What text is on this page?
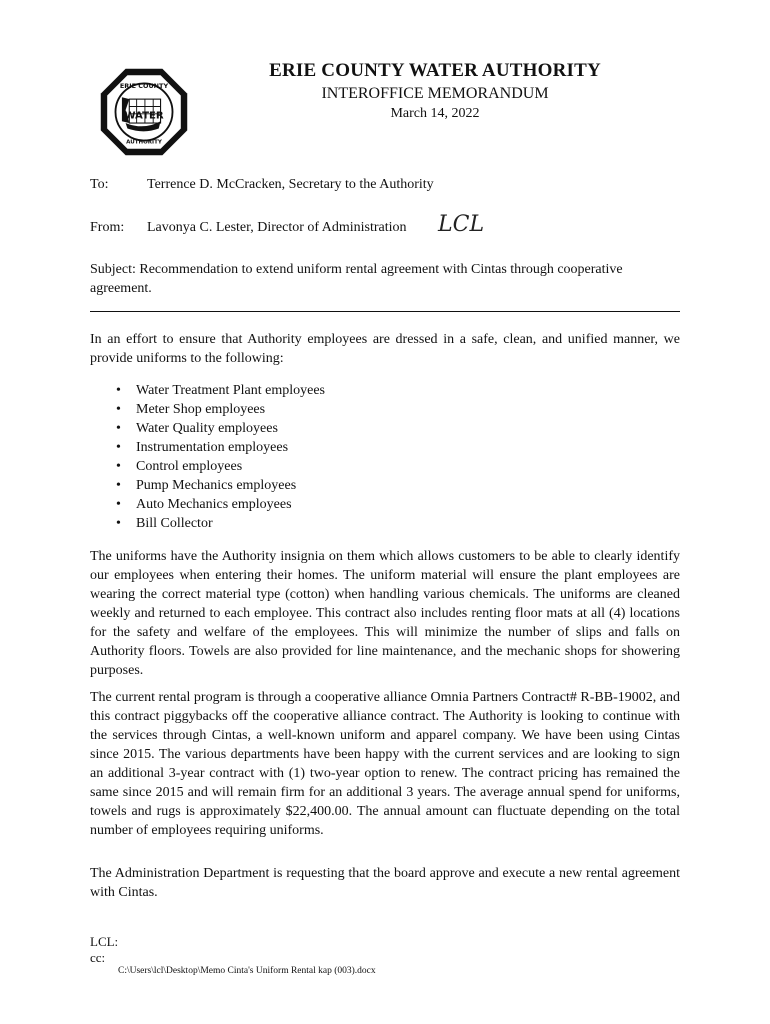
WATER
ERIE COUNTY
AUTHORITY
ERIE COUNTY WATER AUTHORITY
INTEROFFICE MEMORANDUM
March 14, 2022
To:	Terrence D. McCracken, Secretary to the Authority
From: Lavonya C. Lester, Director of Administration LCL
Subject: Recommendation to extend uniform rental agreement with Cintas through cooperative agreement.
In an effort to ensure that Authority employees are dressed in a safe, clean, and unified manner, we provide uniforms to the following:
• Water Treatment Plant employees
• Meter Shop employees
• Water Quality employees
• Instrumentation employees
• Control employees
• Pump Mechanics employees
• Auto Mechanics employees
• Bill Collector
The uniforms have the Authority insignia on them which allows customers to be able to clearly identify our employees when entering their homes. The uniform material will ensure the plant employees are wearing the correct material type (cotton) when handling various chemicals. The uniforms are cleaned weekly and returned to each employee. This contract also includes renting floor mats at all (4) locations for the safety and welfare of the employees. This will minimize the number of slips and falls on Authority floors. Towels are also provided for line maintenance, and the mechanic shops for showering purposes.
The current rental program is through a cooperative alliance Omnia Partners Contract# R-BB-19002, and this contract piggybacks off the cooperative alliance contract. The Authority is looking to continue with the services through Cintas, a well-known uniform and apparel company. We have been using Cintas since 2015. The various departments have been happy with the current services and are looking to sign an additional 3-year contract with (1) two-year option to renew. The contract pricing has remained the same since 2015 and will remain firm for an additional 3 years. The average annual spend for uniforms, towels and rugs is approximately $22,400.00. The annual amount can fluctuate depending on the total number of employees requiring uniforms.
The Administration Department is requesting that the board approve and execute a new rental agreement with Cintas.
LCL:
cc:
C:\Users\lcl\Desktop\Memo Cinta's Uniform Rental kap (003).docx
